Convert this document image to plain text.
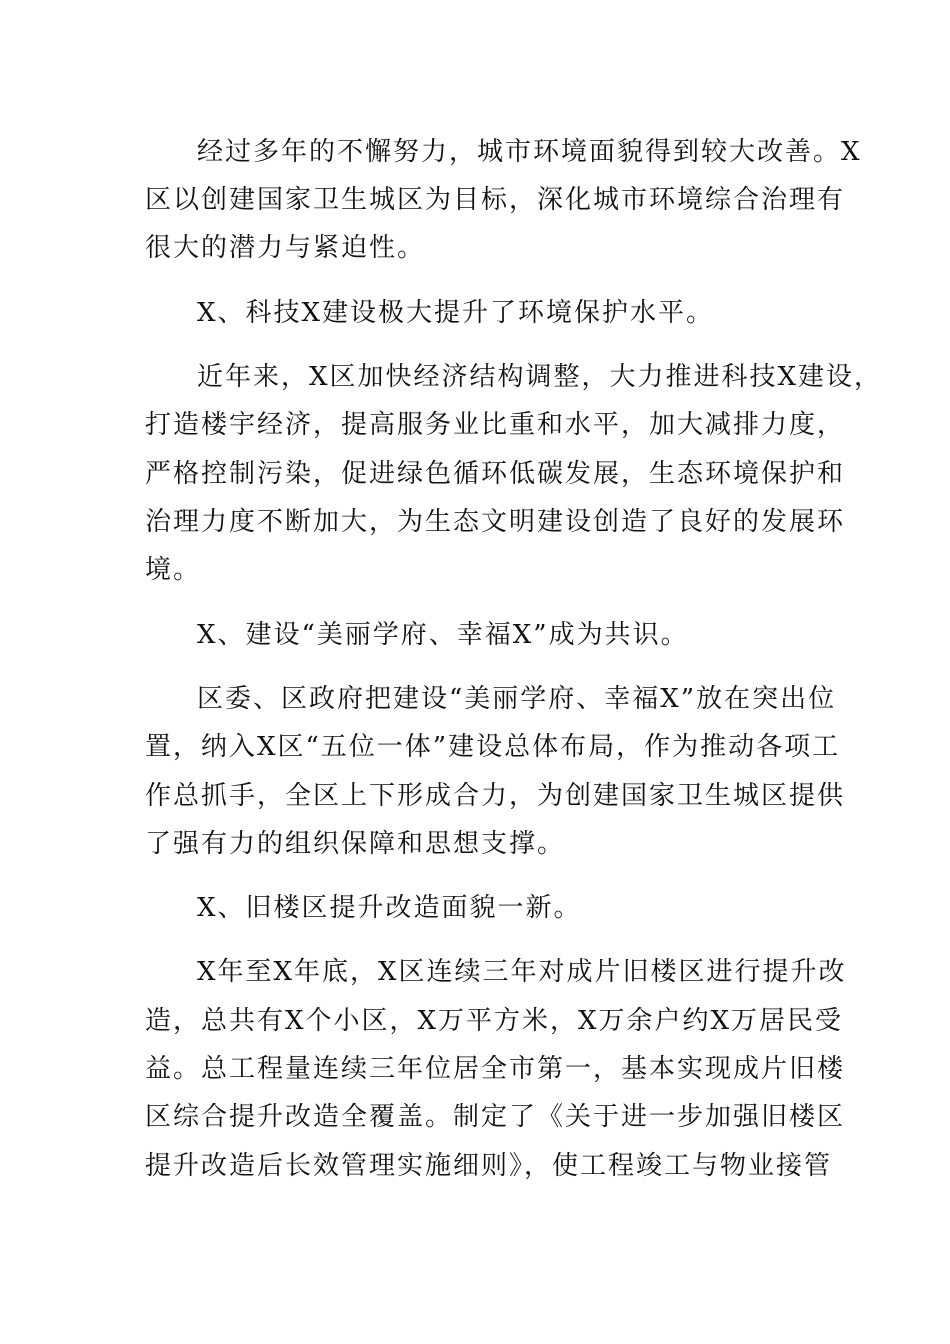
经过多年的不懈努力，城市环境面貌得到较大改善。X
区以创建国家卫生城区为目标，深化城市环境综合治理有
很大的潜力与紧迫性。
X、科技X建设极大提升了环境保护水平。
近年来，X区加快经济结构调整，大力推进科技X建设，
打造楼宇经济，提高服务业比重和水平，加大减排力度，
严格控制污染，促进绿色循环低碳发展，生态环境保护和
治理力度不断加大，为生态文明建设创造了良好的发展环
境。
X、建设“美丽学府、幸福X”成为共识。
区委、区政府把建设“美丽学府、幸福X”放在突出位
置，纳入X区“五位一体”建设总体布局，作为推动各项工
作总抓手，全区上下形成合力，为创建国家卫生城区提供
了强有力的组织保障和思想支撑。
X、旧楼区提升改造面貌一新。
X年至X年底，X区连续三年对成片旧楼区进行提升改
造，总共有X个小区，X万平方米，X万余户约X万居民受
益。总工程量连续三年位居全市第一，基本实现成片旧楼
区综合提升改造全覆盖。制定了《关于进一步加强旧楼区
提升改造后长效管理实施细则》，使工程竣工与物业接管
